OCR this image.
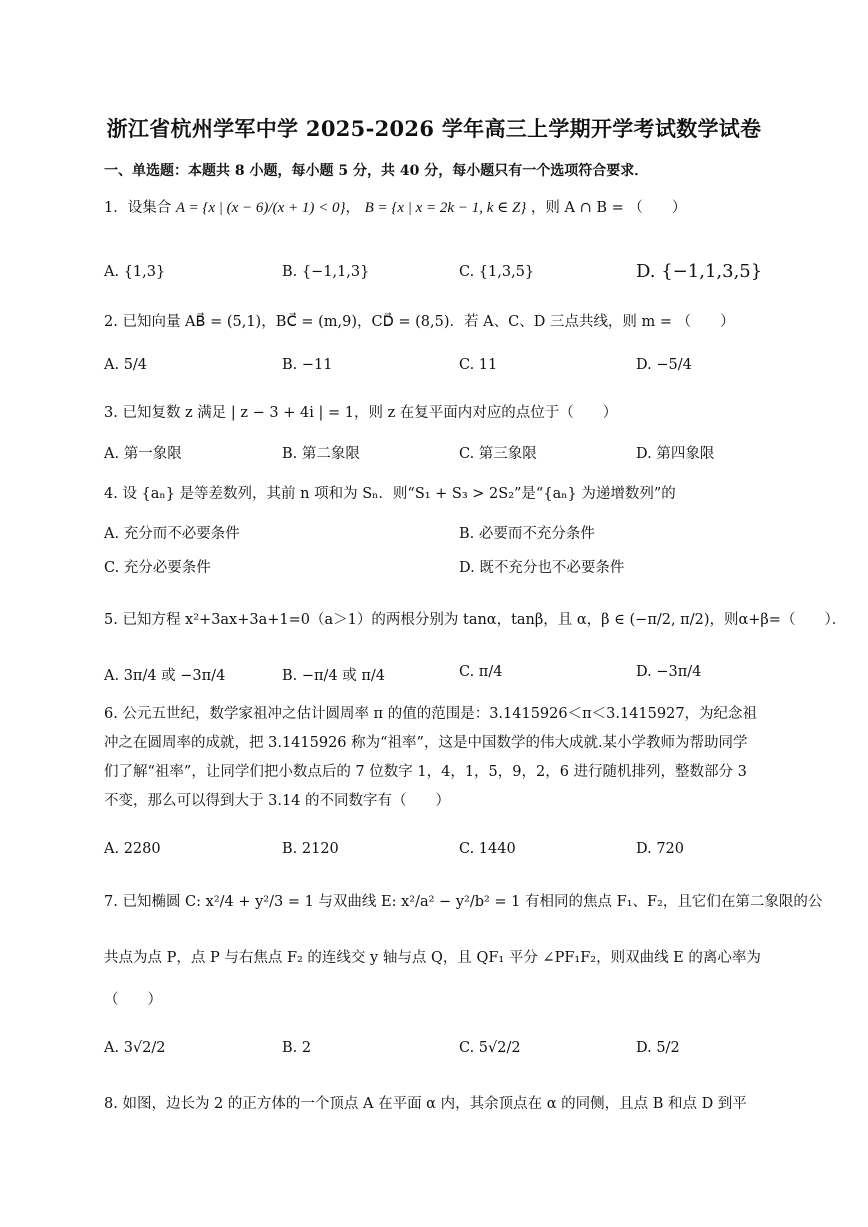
浙江省杭州学军中学 2025-2026 学年高三上学期开学考试数学试卷
一、单选题：本题共 8 小题，每小题 5 分，共 40 分，每小题只有一个选项符合要求．
1．设集合 A = {x | (x − 6)/(x + 1) < 0}， B = {x | x = 2k − 1, k ∈ Z} ，则 A ∩ B = （　　）
A. {1,3}	B. {−1,1,3}	C. {1,3,5}	D. {−1,1,3,5}
2. 已知向量 AB⃗ = (5,1)，BC⃗ = (m,9)，CD⃗ = (8,5)．若 A、C、D 三点共线，则 m = （　　）
A. 5/4	B. −11	C. 11	D. −5/4
3. 已知复数 z 满足 | z − 3 + 4i | = 1，则 z 在复平面内对应的点位于（　　）
A. 第一象限	B. 第二象限	C. 第三象限	D. 第四象限
4. 设 {aₙ} 是等差数列，其前 n 项和为 Sₙ．则“S₁ + S₃ > 2S₂”是“{aₙ} 为递增数列”的
A. 充分而不必要条件	B. 必要而不充分条件
C. 充分必要条件	D. 既不充分也不必要条件
5. 已知方程 x²+3ax+3a+1=0（a＞1）的两根分别为 tanα，tanβ，且 α，β ∈ (−π/2, π/2)，则α+β=（　　）．
A. 3π/4 或 −3π/4	B. −π/4 或 π/4	C. π/4	D. −3π/4
6. 公元五世纪，数学家祖冲之估计圆周率 π 的值的范围是：3.1415926＜π＜3.1415927，为纪念祖
冲之在圆周率的成就，把 3.1415926 称为“祖率”，这是中国数学的伟大成就.某小学教师为帮助同学
们了解“祖率”，让同学们把小数点后的 7 位数字 1，4，1，5，9，2，6 进行随机排列，整数部分 3
不变，那么可以得到大于 3.14 的不同数字有（　　）
A. 2280	B. 2120	C. 1440	D. 720
7. 已知椭圆 C: x²/4 + y²/3 = 1 与双曲线 E: x²/a² − y²/b² = 1 有相同的焦点 F₁、F₂，且它们在第二象限的公
共点为点 P，点 P 与右焦点 F₂ 的连线交 y 轴与点 Q，且 QF₁ 平分 ∠PF₁F₂，则双曲线 E 的离心率为
（　　）
A. 3√2/2	B. 2	C. 5√2/2	D. 5/2
8. 如图，边长为 2 的正方体的一个顶点 A 在平面 α 内，其余顶点在 α 的同侧，且点 B 和点 D 到平
